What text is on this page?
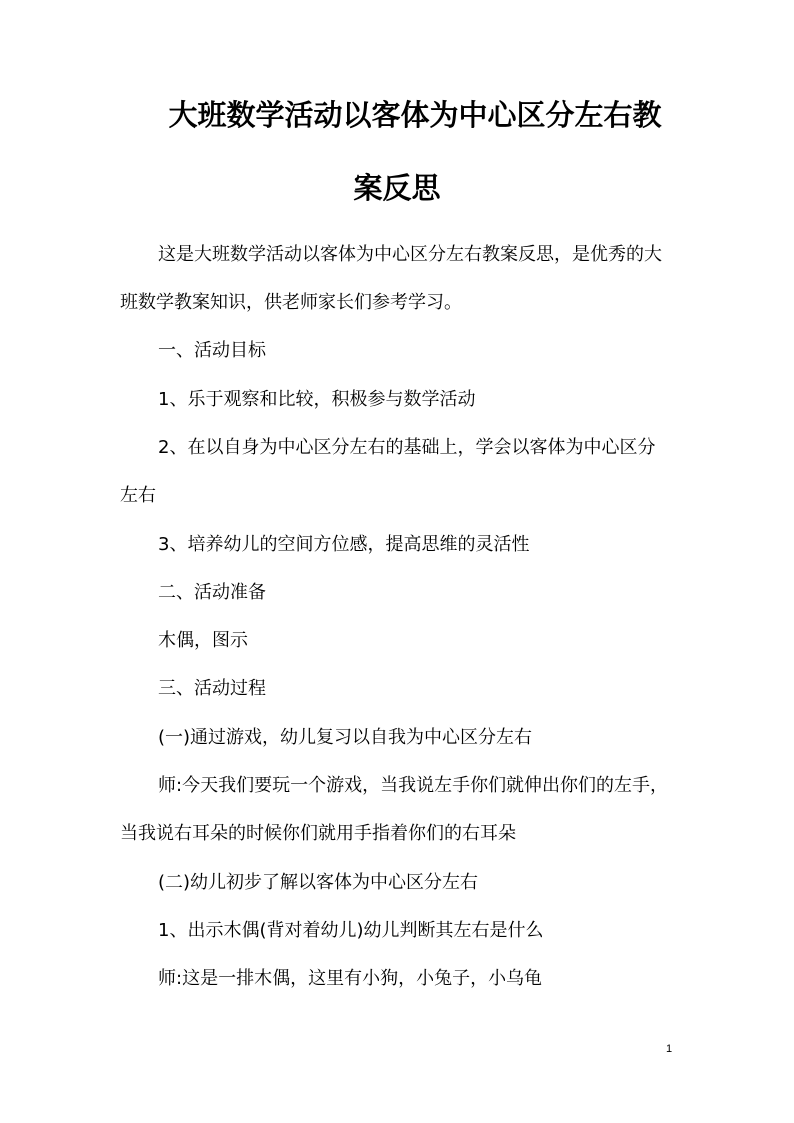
大班数学活动以客体为中心区分左右教
案反思

这是大班数学活动以客体为中心区分左右教案反思，是优秀的大

班数学教案知识，供老师家长们参考学习。

一、活动目标

1、乐于观察和比较，积极参与数学活动

2、在以自身为中心区分左右的基础上，学会以客体为中心区分

左右

3、培养幼儿的空间方位感，提高思维的灵活性

二、活动准备

木偶，图示

三、活动过程

(一)通过游戏，幼儿复习以自我为中心区分左右

师:今天我们要玩一个游戏，当我说左手你们就伸出你们的左手，

当我说右耳朵的时候你们就用手指着你们的右耳朵

(二)幼儿初步了解以客体为中心区分左右

1、出示木偶(背对着幼儿)幼儿判断其左右是什么

师:这是一排木偶，这里有小狗，小兔子，小乌龟

1
